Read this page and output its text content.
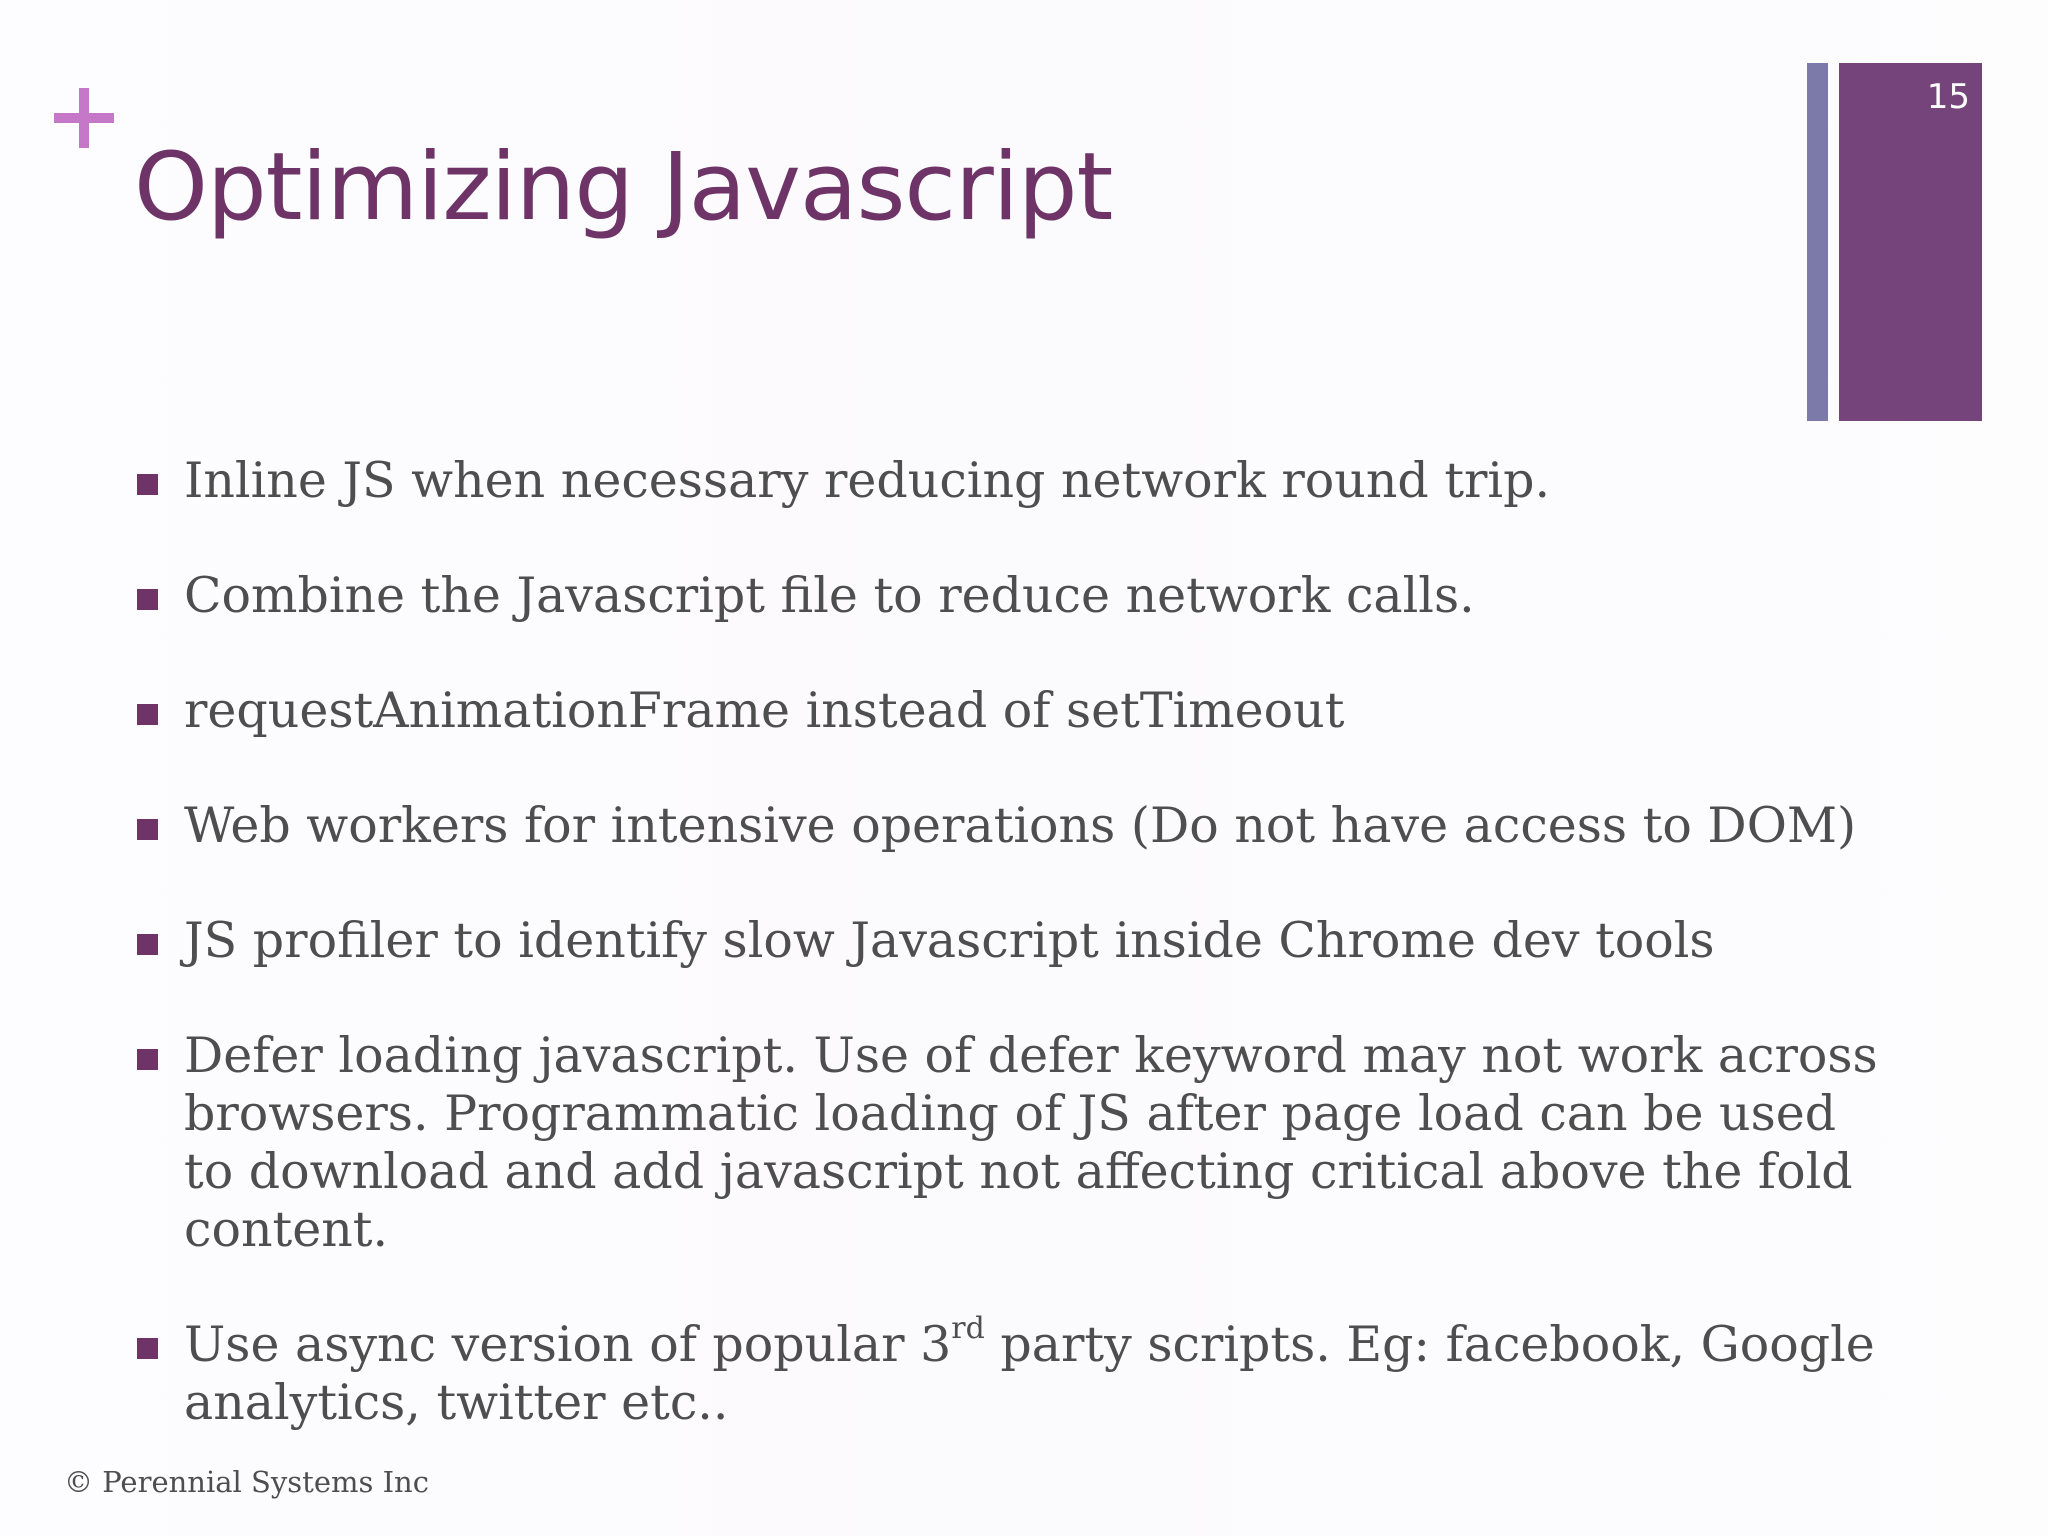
Optimizing Javascript
15
Inline JS when necessary reducing network round trip.
Combine the Javascript file to reduce network calls.
requestAnimationFrame instead of setTimeout
Web workers for intensive operations (Do not have access to DOM)
JS profiler to identify slow Javascript inside Chrome dev tools
Defer loading javascript. Use of defer keyword may not work across browsers. Programmatic loading of JS after page load can be used to download and add javascript not affecting critical above the fold content.
Use async version of popular 3rd party scripts. Eg: facebook, Google analytics, twitter etc..
© Perennial Systems Inc
